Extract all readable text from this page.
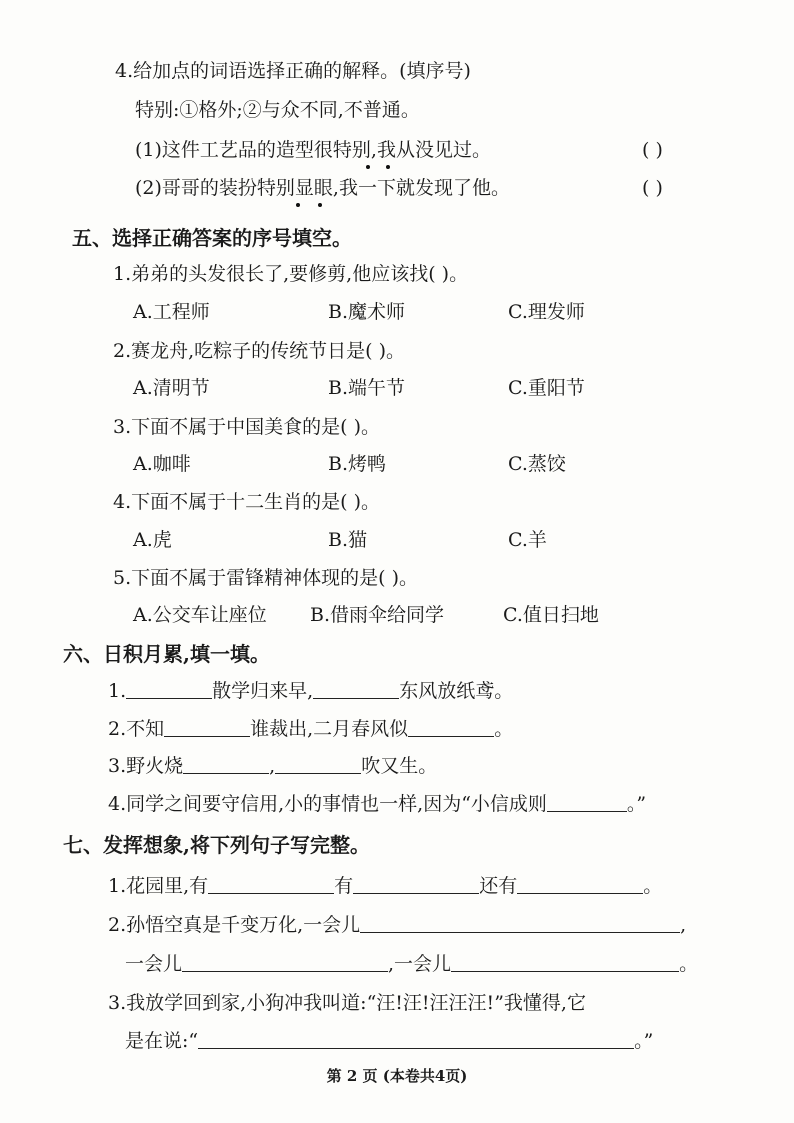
4.给加点的词语选择正确的解释。(填序号)
特别:①格外;②与众不同,不普通。
(1)这件工艺品的造型很特别,我从没见过。	( )
(2)哥哥的装扮特别显眼,我一下就发现了他。	( )
五、选择正确答案的序号填空。
1.弟弟的头发很长了,要修剪,他应该找( )。
A.工程师	B.魔术师	C.理发师
2.赛龙舟,吃粽子的传统节日是( )。
A.清明节	B.端午节	C.重阳节
3.下面不属于中国美食的是( )。
A.咖啡	B.烤鸭	C.蒸饺
4.下面不属于十二生肖的是( )。
A.虎	B.猫	C.羊
5.下面不属于雷锋精神体现的是( )。
A.公交车让座位 B.借雨伞给同学	C.值日扫地
六、日积月累,填一填。
1.	散学归来早,	东风放纸鸢。
2.不知	谁裁出,二月春风似	。
3.野火烧	,	吹又生。
4.同学之间要守信用,小的事情也一样,因为“小信成则	。”
七、发挥想象,将下列句子写完整。
1.花园里,有	有	还有	。
2.孙悟空真是千变万化,一会儿	,
一会儿	,一会儿	。
3.我放学回到家,小狗冲我叫道:“汪!汪!汪汪汪!”我懂得,它
是在说:“	。”
第 2 页 (本卷共4页)
